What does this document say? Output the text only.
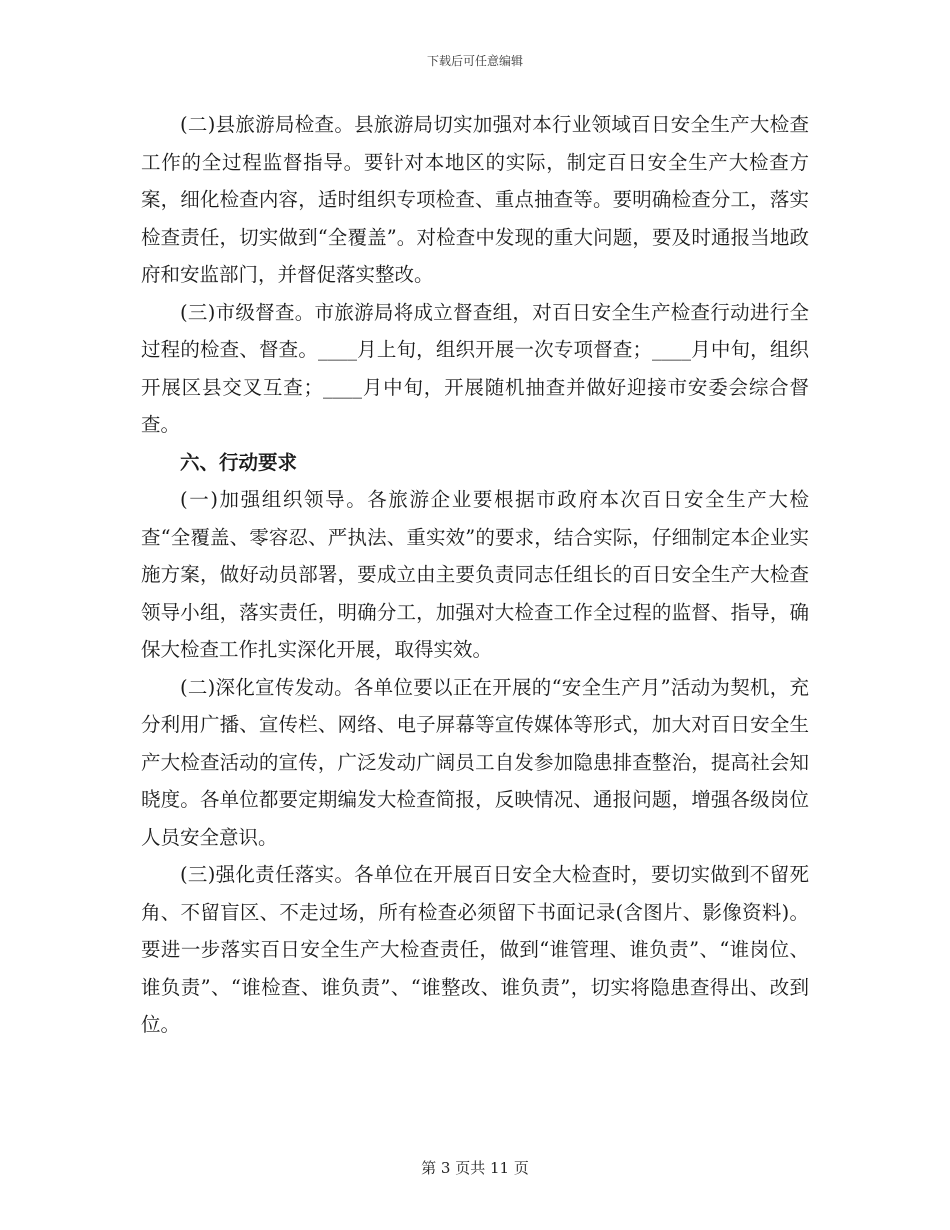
下载后可任意编辑

(二)县旅游局检查。县旅游局切实加强对本行业领域百日安全生产大检查工作的全过程监督指导。要针对本地区的实际，制定百日安全生产大检查方案，细化检查内容，适时组织专项检查、重点抽查等。要明确检查分工，落实检查责任，切实做到“全覆盖”。对检查中发现的重大问题，要及时通报当地政府和安监部门，并督促落实整改。

(三)市级督查。市旅游局将成立督查组，对百日安全生产检查行动进行全过程的检查、督查。____月上旬，组织开展一次专项督查；____月中旬，组织开展区县交叉互查；____月中旬，开展随机抽查并做好迎接市安委会综合督查。

六、行动要求

(一)加强组织领导。各旅游企业要根据市政府本次百日安全生产大检查“全覆盖、零容忍、严执法、重实效”的要求，结合实际，仔细制定本企业实施方案，做好动员部署，要成立由主要负责同志任组长的百日安全生产大检查领导小组，落实责任，明确分工，加强对大检查工作全过程的监督、指导，确保大检查工作扎实深化开展，取得实效。

(二)深化宣传发动。各单位要以正在开展的“安全生产月”活动为契机，充分利用广播、宣传栏、网络、电子屏幕等宣传媒体等形式，加大对百日安全生产大检查活动的宣传，广泛发动广阔员工自发参加隐患排查整治，提高社会知晓度。各单位都要定期编发大检查简报，反映情况、通报问题，增强各级岗位人员安全意识。

(三)强化责任落实。各单位在开展百日安全大检查时，要切实做到不留死角、不留盲区、不走过场，所有检查必须留下书面记录(含图片、影像资料)。要进一步落实百日安全生产大检查责任，做到“谁管理、谁负责”、“谁岗位、谁负责”、“谁检查、谁负责”、“谁整改、谁负责”，切实将隐患查得出、改到位。

第 3 页共 11 页
